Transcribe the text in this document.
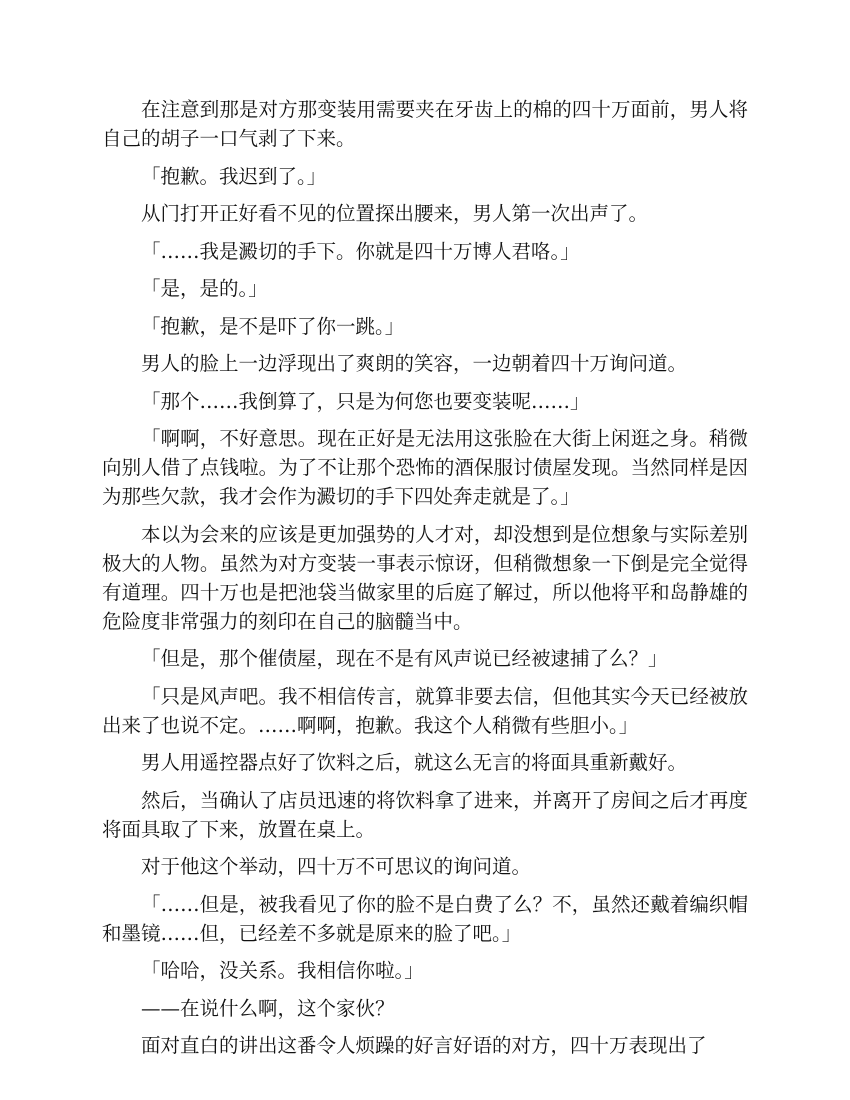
在注意到那是对方那变装用需要夹在牙齿上的棉的四十万面前，男人将自己的胡子一口气剥了下来。

「抱歉。我迟到了。」

从门打开正好看不见的位置探出腰来，男人第一次出声了。

「……我是澱切的手下。你就是四十万博人君咯。」

「是，是的。」

「抱歉，是不是吓了你一跳。」

男人的脸上一边浮现出了爽朗的笑容，一边朝着四十万询问道。

「那个……我倒算了，只是为何您也要变装呢……」

「啊啊，不好意思。现在正好是无法用这张脸在大街上闲逛之身。稍微向别人借了点钱啦。为了不让那个恐怖的酒保服讨债屋发现。当然同样是因为那些欠款，我才会作为澱切的手下四处奔走就是了。」

本以为会来的应该是更加强势的人才对，却没想到是位想象与实际差别极大的人物。虽然为对方变装一事表示惊讶，但稍微想象一下倒是完全觉得有道理。四十万也是把池袋当做家里的后庭了解过，所以他将平和岛静雄的危险度非常强力的刻印在自己的脑髓当中。

「但是，那个催债屋，现在不是有风声说已经被逮捕了么？」

「只是风声吧。我不相信传言，就算非要去信，但他其实今天已经被放出来了也说不定。……啊啊，抱歉。我这个人稍微有些胆小。」

男人用遥控器点好了饮料之后，就这么无言的将面具重新戴好。

然后，当确认了店员迅速的将饮料拿了进来，并离开了房间之后才再度将面具取了下来，放置在桌上。

对于他这个举动，四十万不可思议的询问道。

「……但是，被我看见了你的脸不是白费了么？不，虽然还戴着编织帽和墨镜……但，已经差不多就是原来的脸了吧。」

「哈哈，没关系。我相信你啦。」

——在说什么啊，这个家伙？

面对直白的讲出这番令人烦躁的好言好语的对方，四十万表现出了
